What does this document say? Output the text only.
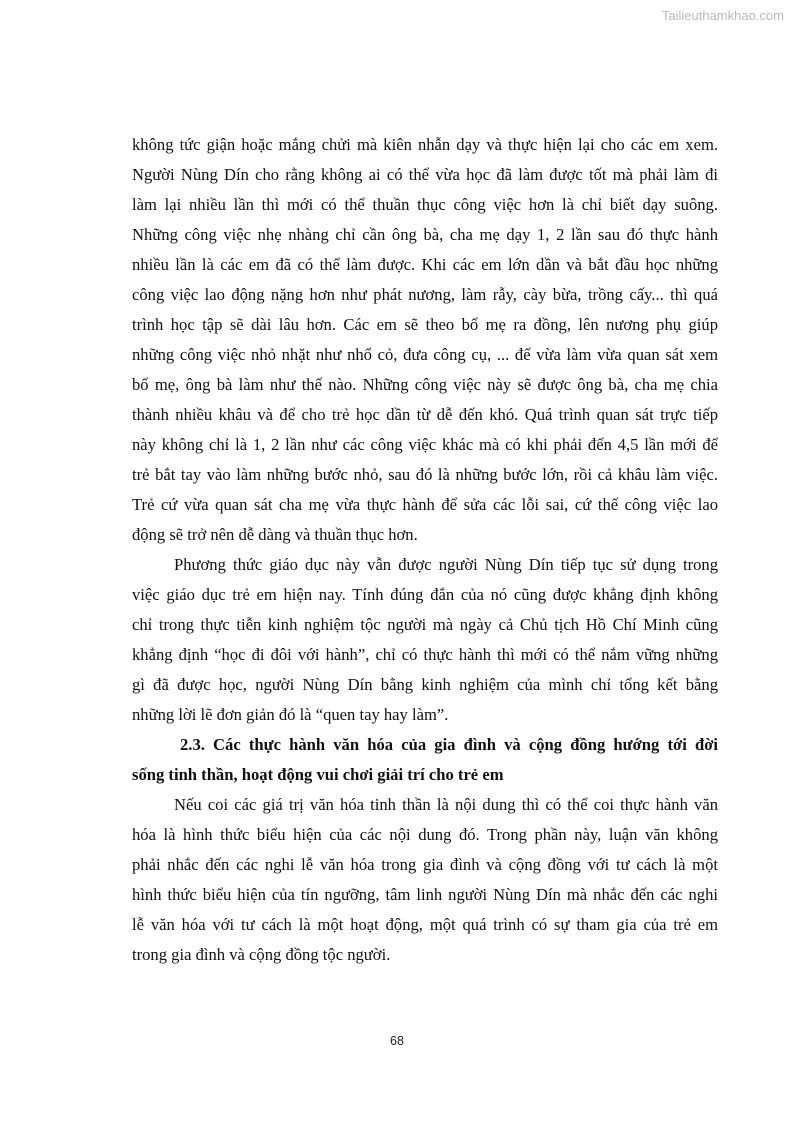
Tailieuthamkhao.com
không tức giận hoặc mắng chửi mà kiên nhẫn dạy và thực hiện lại cho các em xem.
Người Nùng Dín cho rằng không ai có thể vừa học đã làm được tốt mà phải làm đi
làm lại nhiều lần thì mới có thể thuần thục công việc hơn là chỉ biết dạy suông.
Những công việc nhẹ nhàng chỉ cần ông bà, cha mẹ dạy 1, 2 lần sau đó thực hành
nhiều lần là các em đã có thể làm được. Khi các em lớn dần và bắt đầu học những
công việc lao động nặng hơn như phát nương, làm rẫy, cày bừa, trồng cấy... thì quá
trình học tập sẽ dài lâu hơn. Các em sẽ theo bố mẹ ra đồng, lên nương phụ giúp
những công việc nhỏ nhặt như nhổ cỏ, đưa công cụ, ... để vừa làm vừa quan sát xem
bố mẹ, ông bà làm như thế nào. Những công việc này sẽ được ông bà, cha mẹ chia
thành nhiều khâu và để cho trẻ học dần từ dễ đến khó. Quá trình quan sát trực tiếp
này không chỉ là 1, 2 lần như các công việc khác mà có khi phải đến 4,5 lần mới để
trẻ bắt tay vào làm những bước nhỏ, sau đó là những bước lớn, rồi cả khâu làm việc.
Trẻ cứ vừa quan sát cha mẹ vừa thực hành để sửa các lỗi sai, cứ thế công việc lao
động sẽ trở nên dễ dàng và thuần thục hơn.
Phương thức giáo dục này vẫn được người Nùng Dín tiếp tục sử dụng trong
việc giáo dục trẻ em hiện nay. Tính đúng đắn của nó cũng được khẳng định không
chỉ trong thực tiễn kinh nghiệm tộc người mà ngày cả Chủ tịch Hồ Chí Minh cũng
khẳng định “học đi đôi với hành”, chỉ có thực hành thì mới có thể nắm vững những
gì đã được học, người Nùng Dín bằng kinh nghiệm của mình chỉ tổng kết bằng
những lời lẽ đơn giản đó là “quen tay hay làm”.
2.3. Các thực hành văn hóa của gia đình và cộng đồng hướng tới đời
sống tinh thần, hoạt động vui chơi giải trí cho trẻ em
Nếu coi các giá trị văn hóa tinh thần là nội dung thì có thể coi thực hành văn
hóa là hình thức biểu hiện của các nội dung đó. Trong phần này, luận văn không
phải nhắc đến các nghi lễ văn hóa trong gia đình và cộng đồng với tư cách là một
hình thức biểu hiện của tín ngưỡng, tâm linh người Nùng Dín mà nhắc đến các nghi
lễ văn hóa với tư cách là một hoạt động, một quá trình có sự tham gia của trẻ em
trong gia đình và cộng đồng tộc người.
68
